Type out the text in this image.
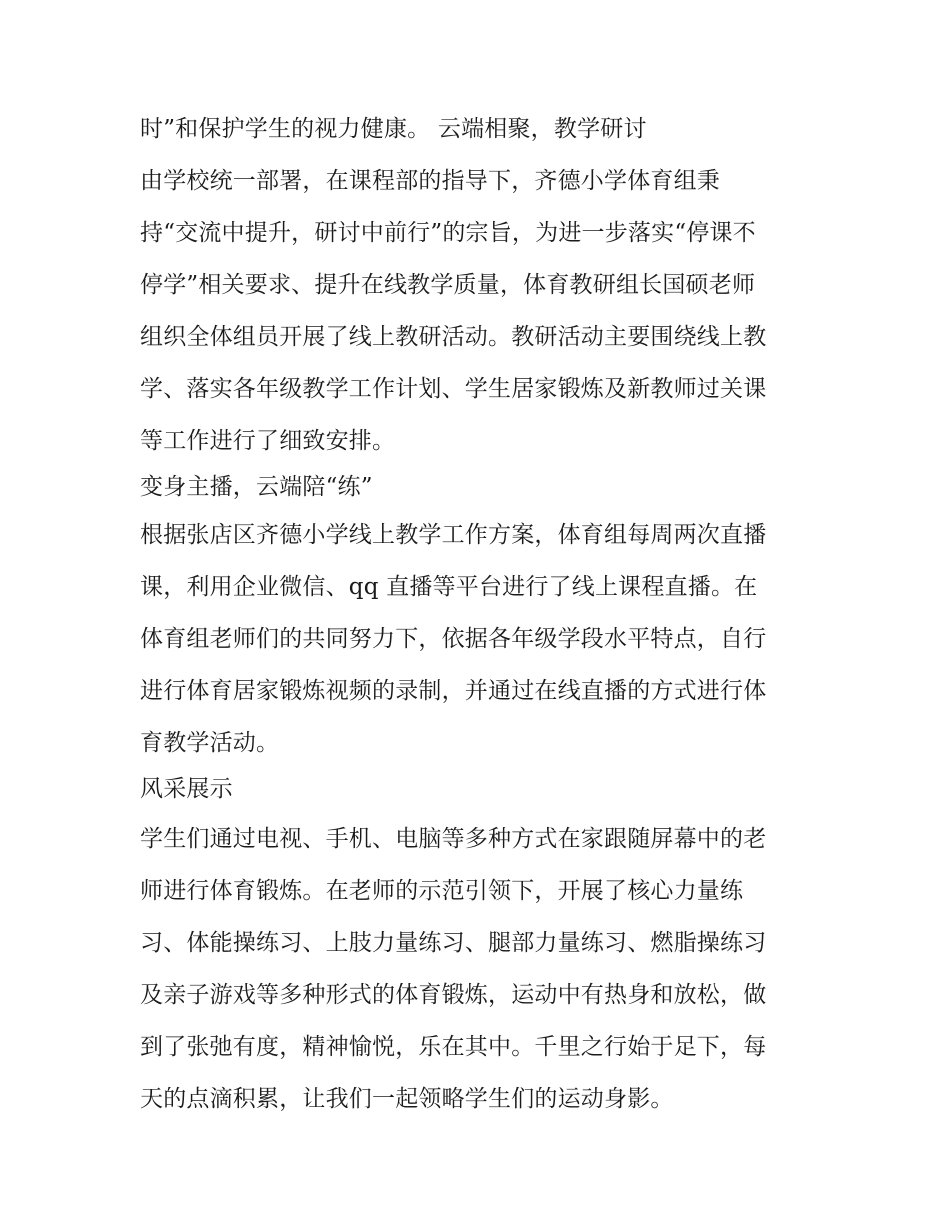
时”和保护学生的视力健康。 云端相聚，教学研讨
由学校统一部署，在课程部的指导下，齐德小学体育组秉
持“交流中提升，研讨中前行”的宗旨，为进一步落实“停课不
停学”相关要求、提升在线教学质量，体育教研组长国硕老师
组织全体组员开展了线上教研活动。教研活动主要围绕线上教
学、落实各年级教学工作计划、学生居家锻炼及新教师过关课
等工作进行了细致安排。
变身主播，云端陪“练”
根据张店区齐德小学线上教学工作方案，体育组每周两次直播
课，利用企业微信、qq 直播等平台进行了线上课程直播。在
体育组老师们的共同努力下，依据各年级学段水平特点，自行
进行体育居家锻炼视频的录制，并通过在线直播的方式进行体
育教学活动。
风采展示
学生们通过电视、手机、电脑等多种方式在家跟随屏幕中的老
师进行体育锻炼。在老师的示范引领下，开展了核心力量练
习、体能操练习、上肢力量练习、腿部力量练习、燃脂操练习
及亲子游戏等多种形式的体育锻炼，运动中有热身和放松，做
到了张弛有度，精神愉悦，乐在其中。千里之行始于足下，每
天的点滴积累，让我们一起领略学生们的运动身影。
